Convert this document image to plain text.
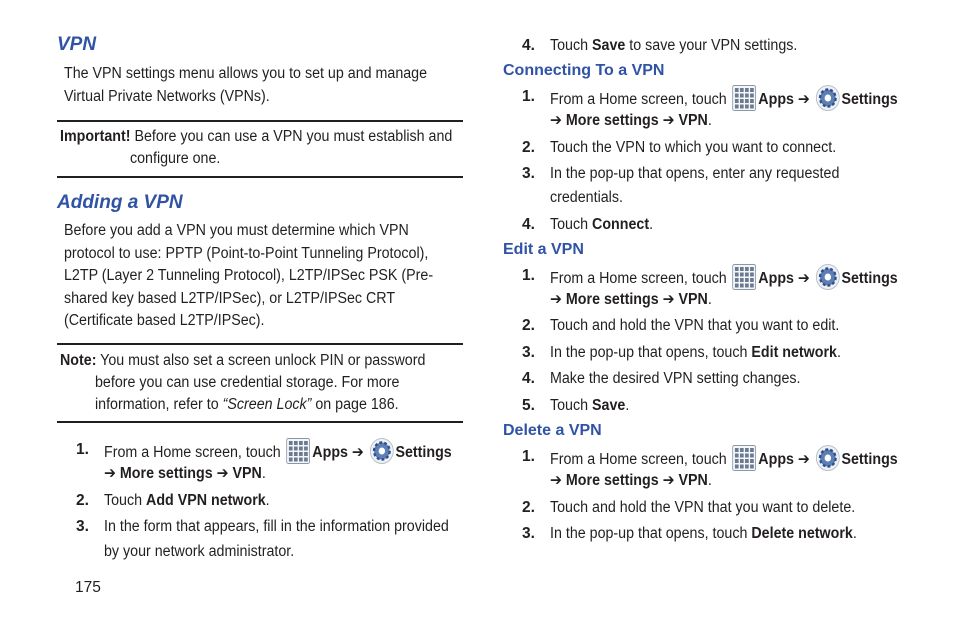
VPN
The VPN settings menu allows you to set up and manage
Virtual Private Networks (VPNs).
Important! Before you can use a VPN you must establish and
configure one.
Adding a VPN
Before you add a VPN you must determine which VPN
protocol to use: PPTP (Point-to-Point Tunneling Protocol),
L2TP (Layer 2 Tunneling Protocol), L2TP/IPSec PSK (Pre-
shared key based L2TP/IPSec), or L2TP/IPSec CRT
(Certificate based L2TP/IPSec).
Note: You must also set a screen unlock PIN or password
before you can use credential storage. For more
information, refer to “Screen Lock” on page 186.
1. From a Home screen, touch Apps ➔ Settings
➔ More settings ➔ VPN.
2. Touch Add VPN network.
3. In the form that appears, fill in the information provided
by your network administrator.
175
4. Touch Save to save your VPN settings.
Connecting To a VPN
1. From a Home screen, touch Apps ➔ Settings
➔ More settings ➔ VPN.
2. Touch the VPN to which you want to connect.
3. In the pop-up that opens, enter any requested
credentials.
4. Touch Connect.
Edit a VPN
1. From a Home screen, touch Apps ➔ Settings
➔ More settings ➔ VPN.
2. Touch and hold the VPN that you want to edit.
3. In the pop-up that opens, touch Edit network.
4. Make the desired VPN setting changes.
5. Touch Save.
Delete a VPN
1. From a Home screen, touch Apps ➔ Settings
➔ More settings ➔ VPN.
2. Touch and hold the VPN that you want to delete.
3. In the pop-up that opens, touch Delete network.
